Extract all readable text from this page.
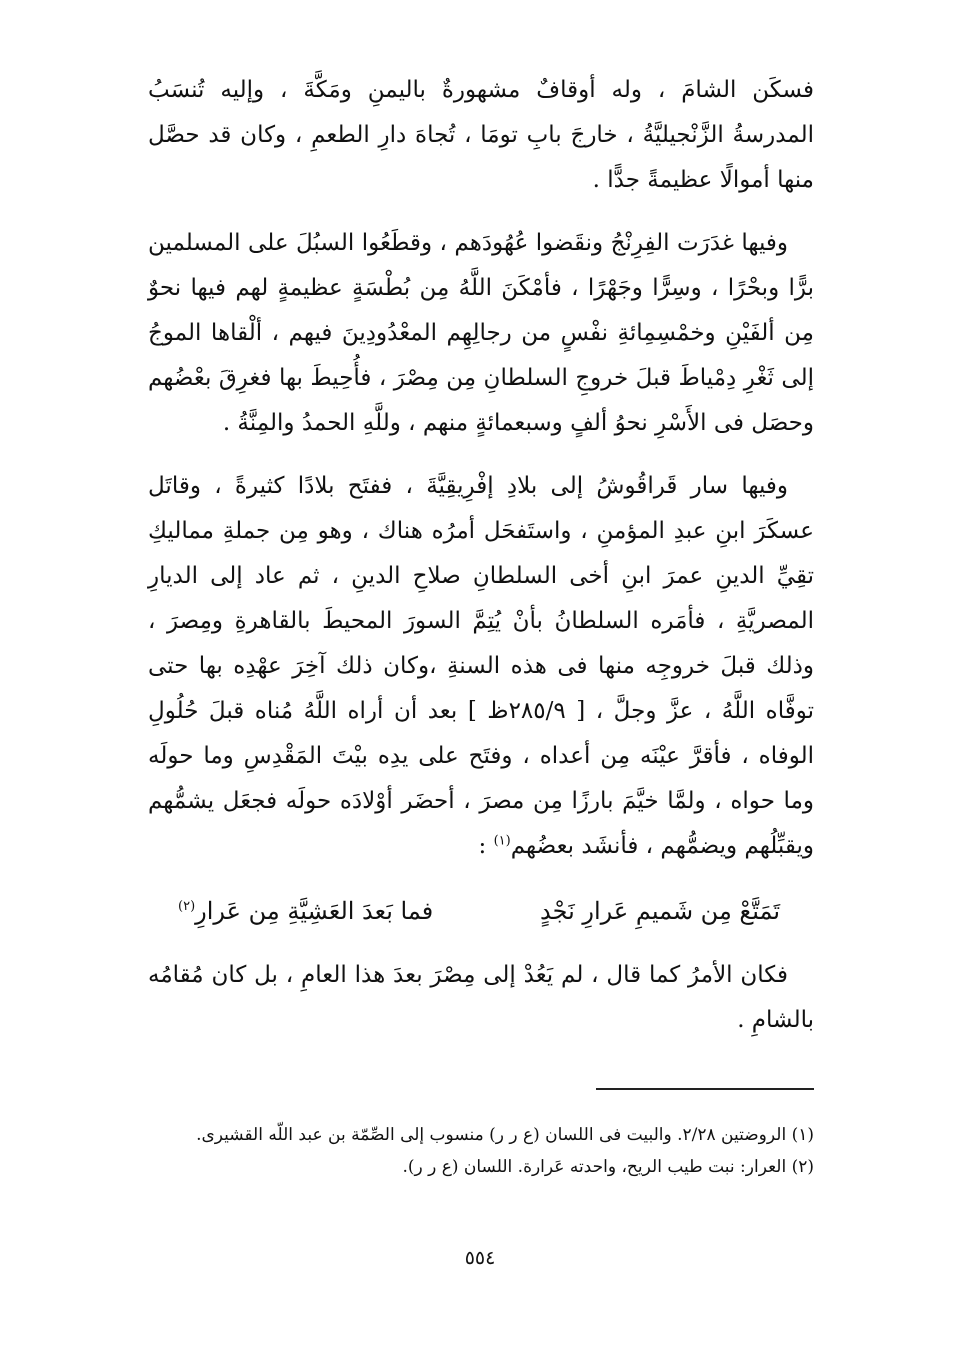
فسكَن الشامَ ، وله أوقافٌ مشهورةٌ باليمنِ ومَكَّةَ ، وإليه تُنسَبُ المدرسةُ الزَّنْجيليَّةُ ، خارجَ بابِ تومَا ، تُجاهَ دارِ الطعمِ ، وكان قد حصَّل منها أموالًا عظيمةً جدًّا .

وفيها غدَرَت الفِرِنْجُ ونقَضوا عُهُودَهم ، وقطَعُوا السبُلَ على المسلمين برًّا وبحْرًا ، وسِرًّا وجَهْرًا ، فأمْكَنَ اللَّهُ مِن بُطْسَةٍ عظيمةٍ لهم فيها نحوٌ مِن ألفَيْنِ وخمْسِمِائةِ نفْسٍ من رجالِهِم المعْدُودِينَ فيهم ، ألْقاها الموجُ إلى ثَغْرِ دِمْياطَ قبلَ خروجِ السلطانِ مِن مِصْرَ ، فأُحِيطَ بها فغرِقَ بعْضُهم وحصَل فى الأَسْرِ نحوُ ألفٍ وسبعمائةٍ منهم ، وللَّهِ الحمدُ والمِنَّةُ .

وفيها سار قَراقُوشُ إلى بلادِ إفْرِيقِيَّةَ ، ففتَح بلادًا كثيرةً ، وقاتَل عسكَرَ ابنِ عبدِ المؤمنِ ، واستَفحَل أمرُه هناك ، وهو مِن جملةِ مماليكِ تقِيِّ الدينِ عمرَ ابنِ أخى السلطانِ صلاحِ الدينِ ، ثم عاد إلى الديارِ المصريَّةِ ، فأمَره السلطانُ بأنْ يُتِمَّ السورَ المحيطَ بالقاهرةِ ومِصرَ ، وذلك قبلَ خروجِه منها فى هذه السنةِ ،وكان ذلك آخِرَ عهْدِه بها حتى توفَّاه اللَّهُ ، عزَّ وجلَّ ، [ ٢٨٥/٩ظ ] بعد أن أراه اللَّهُ مُناه قبلَ حُلُولِ الوفاه ، فأقرَّ عيْنَه مِن أعداه ، وفتَح على يدِه بيْتَ المَقْدِسِ وما حولَه وما حواه ، ولمَّا خيَّمَ بارزًا مِن مصرَ ، أحضَر أوْلادَه حولَه فجعَل يشمُّهم ويقبِّلُهم ويضمُّهم ، فأنشَد بعضُهم$^{(١)}$ :

تَمَتَّعْ مِن شَميمِ عَرارِ نَجْدٍ
فما بَعدَ العَشِيَّةِ مِن عَرارِ$^{(٢)}$

فكان الأمرُ كما قال ، لم يَعُدْ إلى مِصْرَ بعدَ هذا العامِ ، بل كان مُقامُه بالشامِ .

(١) الروضتين ٢/٢٨. والبيت فى اللسان (ع ر ر) منسوب إلى الصِّمّة بن عبد اللّه القشيرى.

(٢) العرار: نبت طيب الريح، واحدته عَرارة. اللسان (ع ر ر).

٥٥٤
